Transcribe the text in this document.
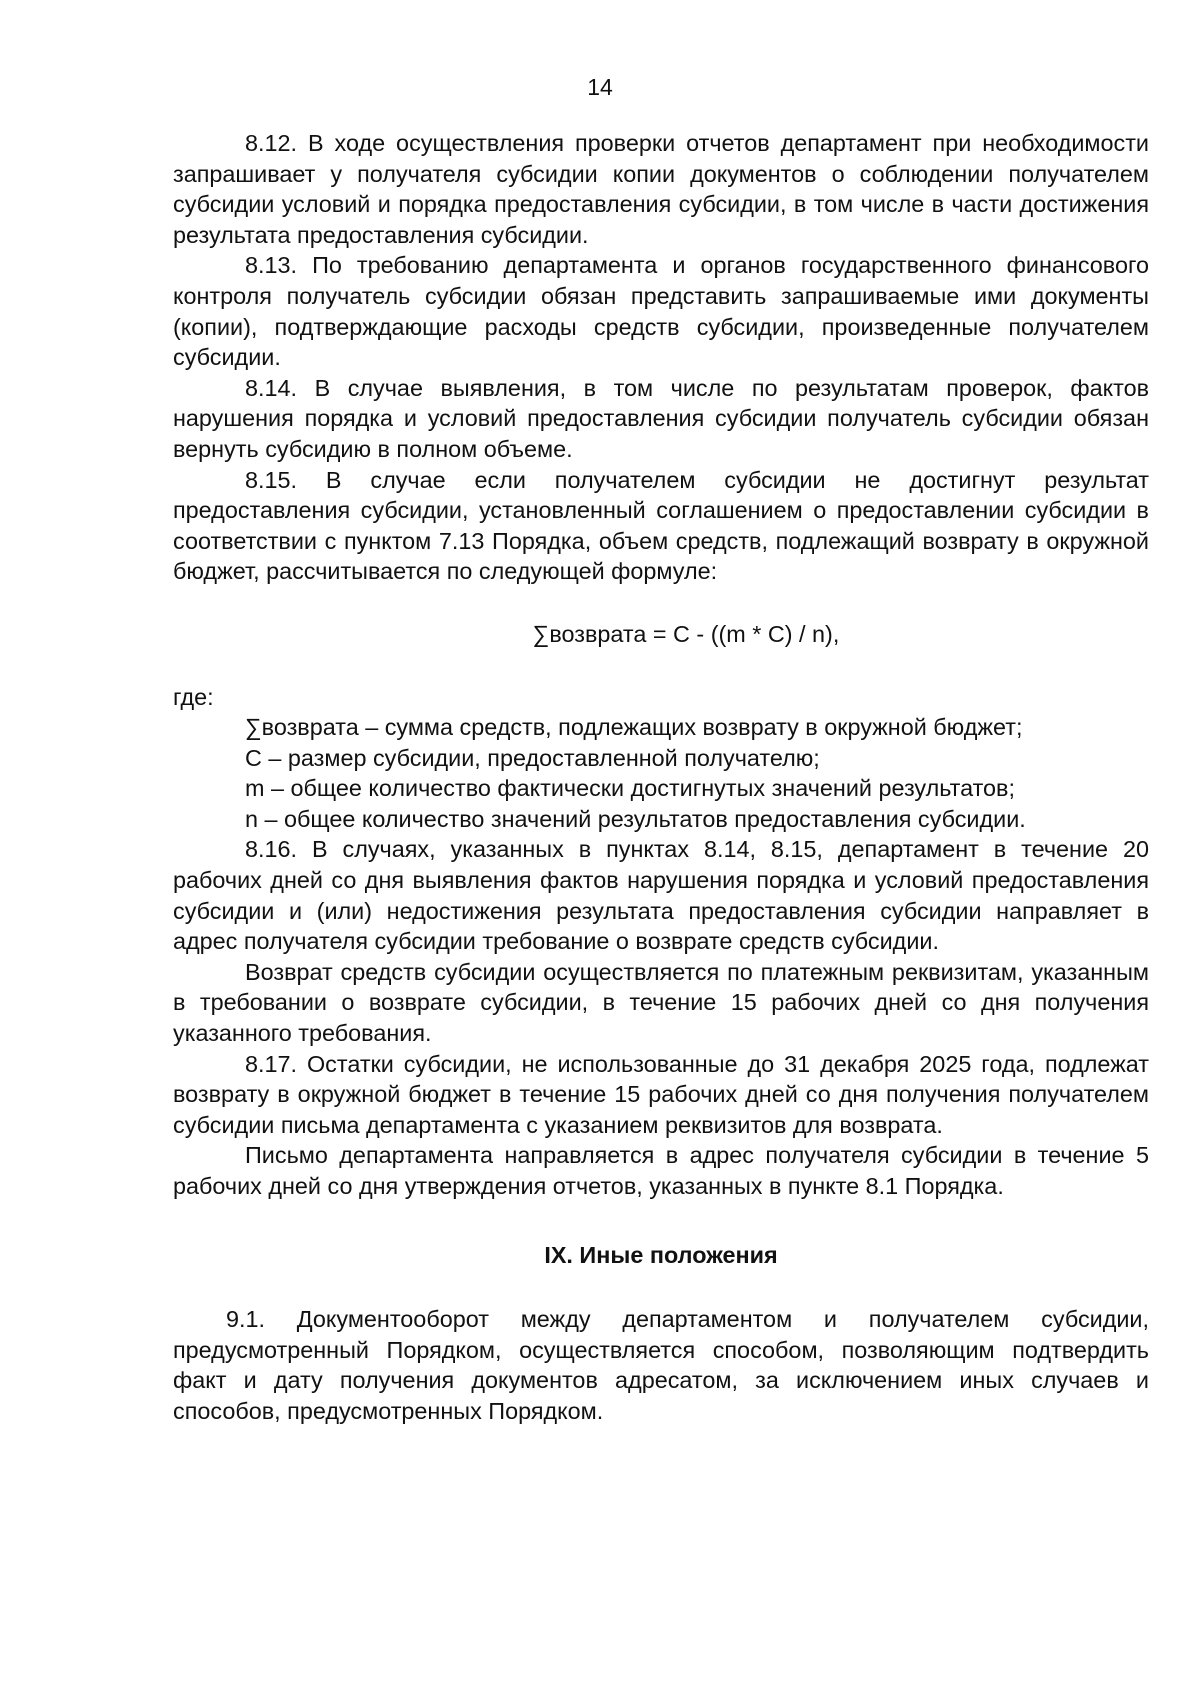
14

8.12. В ходе осуществления проверки отчетов департамент при необходимости запрашивает у получателя субсидии копии документов о соблюдении получателем субсидии условий и порядка предоставления субсидии, в том числе в части достижения результата предоставления субсидии.

8.13. По требованию департамента и органов государственного финансового контроля получатель субсидии обязан представить запрашиваемые ими документы (копии), подтверждающие расходы средств субсидии, произведенные получателем субсидии.

8.14. В случае выявления, в том числе по результатам проверок, фактов нарушения порядка и условий предоставления субсидии получатель субсидии обязан вернуть субсидию в полном объеме.

8.15. В случае если получателем субсидии не достигнут результат предоставления субсидии, установленный соглашением о предоставлении субсидии в соответствии с пунктом 7.13 Порядка, объем средств, подлежащий возврату в окружной бюджет, рассчитывается по следующей формуле:

∑возврата = C - ((m * C) / n),

где:

∑возврата – сумма средств, подлежащих возврату в окружной бюджет;

C – размер субсидии, предоставленной получателю;

m – общее количество фактически достигнутых значений результатов;

n – общее количество значений результатов предоставления субсидии.

8.16. В случаях, указанных в пунктах 8.14, 8.15, департамент в течение 20 рабочих дней со дня выявления фактов нарушения порядка и условий предоставления субсидии и (или) недостижения результата предоставления субсидии направляет в адрес получателя субсидии требование о возврате средств субсидии.

Возврат средств субсидии осуществляется по платежным реквизитам, указанным в требовании о возврате субсидии, в течение 15 рабочих дней со дня получения указанного требования.

8.17. Остатки субсидии, не использованные до 31 декабря 2025 года, подлежат возврату в окружной бюджет в течение 15 рабочих дней со дня получения получателем субсидии письма департамента с указанием реквизитов для возврата.

Письмо департамента направляется в адрес получателя субсидии в течение 5 рабочих дней со дня утверждения отчетов, указанных в пункте 8.1 Порядка.

IX. Иные положения

9.1. Документооборот между департаментом и получателем субсидии, предусмотренный Порядком, осуществляется способом, позволяющим подтвердить факт и дату получения документов адресатом, за исключением иных случаев и способов, предусмотренных Порядком.
